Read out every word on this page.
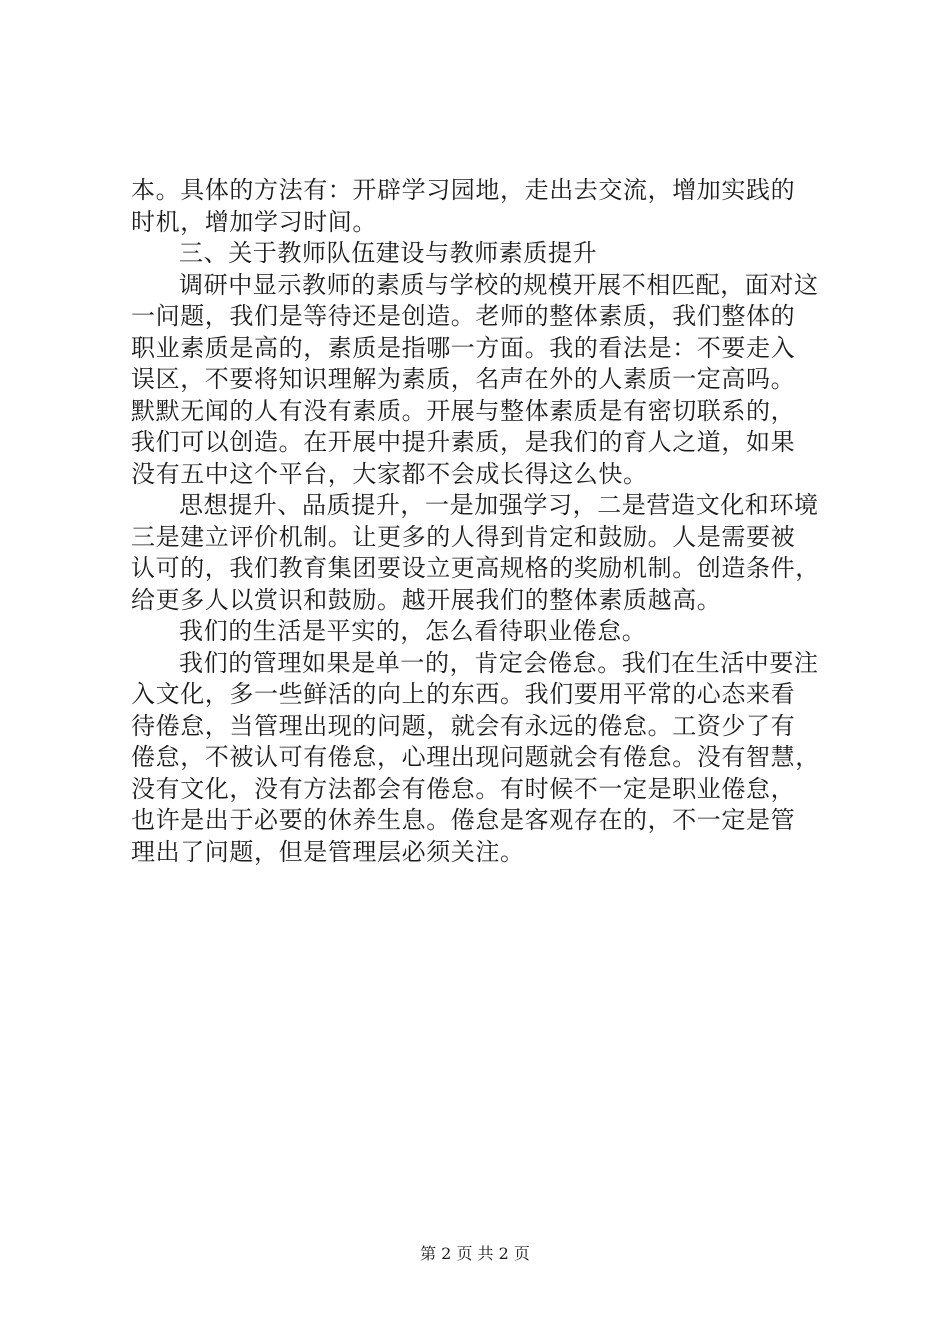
本。具体的方法有：开辟学习园地，走出去交流，增加实践的
时机，增加学习时间。
三、关于教师队伍建设与教师素质提升
调研中显示教师的素质与学校的规模开展不相匹配，面对这
一问题，我们是等待还是创造。老师的整体素质，我们整体的
职业素质是高的，素质是指哪一方面。我的看法是：不要走入
误区，不要将知识理解为素质，名声在外的人素质一定高吗。
默默无闻的人有没有素质。开展与整体素质是有密切联系的，
我们可以创造。在开展中提升素质，是我们的育人之道，如果
没有五中这个平台，大家都不会成长得这么快。
思想提升、品质提升，一是加强学习，二是营造文化和环境
三是建立评价机制。让更多的人得到肯定和鼓励。人是需要被
认可的，我们教育集团要设立更高规格的奖励机制。创造条件，
给更多人以赏识和鼓励。越开展我们的整体素质越高。
我们的生活是平实的，怎么看待职业倦怠。
我们的管理如果是单一的，肯定会倦怠。我们在生活中要注
入文化，多一些鲜活的向上的东西。我们要用平常的心态来看
待倦怠，当管理出现的问题，就会有永远的倦怠。工资少了有
倦怠，不被认可有倦怠，心理出现问题就会有倦怠。没有智慧，
没有文化，没有方法都会有倦怠。有时候不一定是职业倦怠，
也许是出于必要的休养生息。倦怠是客观存在的，不一定是管
理出了问题，但是管理层必须关注。
第 2 页 共 2 页
